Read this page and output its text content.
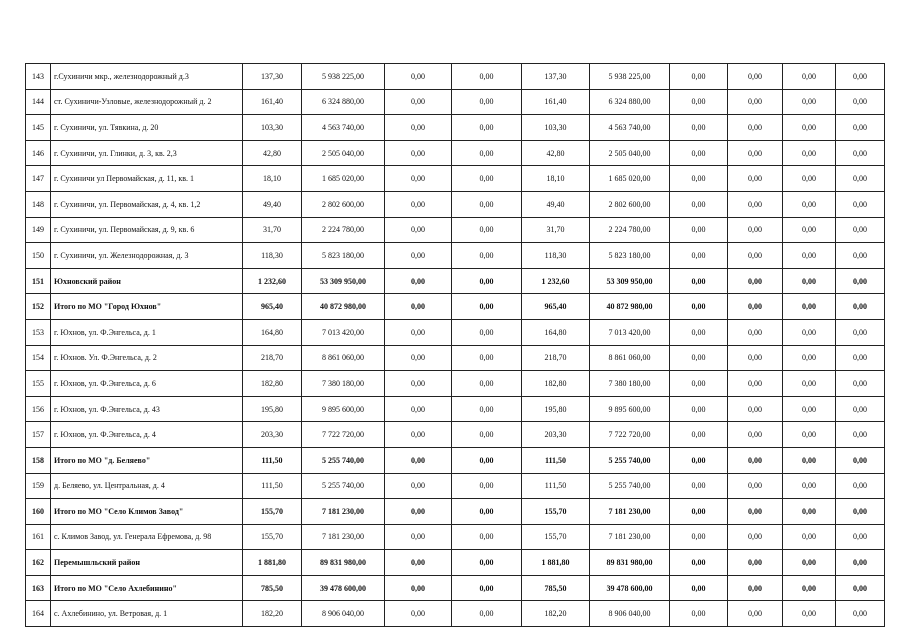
143	г.Сухиничи мкр., железнодорожный д.3	137,30	5 938 225,00	0,00	0,00	137,30	5 938 225,00	0,00	0,00	0,00	0,00
144	ст. Сухиничи-Узловые, железнодорожный д. 2	161,40	6 324 880,00	0,00	0,00	161,40	6 324 880,00	0,00	0,00	0,00	0,00
145	г. Сухиничи, ул. Тявкина, д. 20	103,30	4 563 740,00	0,00	0,00	103,30	4 563 740,00	0,00	0,00	0,00	0,00
146	г. Сухиничи, ул. Глинки, д. 3, кв. 2,3	42,80	2 505 040,00	0,00	0,00	42,80	2 505 040,00	0,00	0,00	0,00	0,00
147	г. Сухиничи ул Первомайская, д. 11, кв. 1	18,10	1 685 020,00	0,00	0,00	18,10	1 685 020,00	0,00	0,00	0,00	0,00
148	г. Сухиничи, ул. Первомайская, д. 4, кв. 1,2	49,40	2 802 600,00	0,00	0,00	49,40	2 802 600,00	0,00	0,00	0,00	0,00
149	г. Сухиничи, ул. Первомайская, д. 9, кв. 6	31,70	2 224 780,00	0,00	0,00	31,70	2 224 780,00	0,00	0,00	0,00	0,00
150	г. Сухиничи, ул. Железнодорожная, д. 3	118,30	5 823 180,00	0,00	0,00	118,30	5 823 180,00	0,00	0,00	0,00	0,00
151	Юхновский район	1 232,60	53 309 950,00	0,00	0,00	1 232,60	53 309 950,00	0,00	0,00	0,00	0,00
152	Итого по МО "Город Юхнов"	965,40	40 872 980,00	0,00	0,00	965,40	40 872 980,00	0,00	0,00	0,00	0,00
153	г. Юхнов, ул. Ф.Энгельса, д. 1	164,80	7 013 420,00	0,00	0,00	164,80	7 013 420,00	0,00	0,00	0,00	0,00
154	г. Юхнов. Ул. Ф.Энгельса, д. 2	218,70	8 861 060,00	0,00	0,00	218,70	8 861 060,00	0,00	0,00	0,00	0,00
155	г. Юхнов, ул. Ф.Энгельса, д. 6	182,80	7 380 180,00	0,00	0,00	182,80	7 380 180,00	0,00	0,00	0,00	0,00
156	г. Юхнов, ул. Ф.Энгельса, д. 43	195,80	9 895 600,00	0,00	0,00	195,80	9 895 600,00	0,00	0,00	0,00	0,00
157	г. Юхнов, ул. Ф.Энгельса, д. 4	203,30	7 722 720,00	0,00	0,00	203,30	7 722 720,00	0,00	0,00	0,00	0,00
158	Итого по МО "д. Беляево"	111,50	5 255 740,00	0,00	0,00	111,50	5 255 740,00	0,00	0,00	0,00	0,00
159	д. Беляево, ул. Центральная, д. 4	111,50	5 255 740,00	0,00	0,00	111,50	5 255 740,00	0,00	0,00	0,00	0,00
160	Итого по МО "Село Климов Завод"	155,70	7 181 230,00	0,00	0,00	155,70	7 181 230,00	0,00	0,00	0,00	0,00
161	с. Климов Завод, ул. Генерала Ефремова, д. 98	155,70	7 181 230,00	0,00	0,00	155,70	7 181 230,00	0,00	0,00	0,00	0,00
162	Перемышльский район	1 881,80	89 831 980,00	0,00	0,00	1 881,80	89 831 980,00	0,00	0,00	0,00	0,00
163	Итого по МО "Село Ахлебинино"	785,50	39 478 600,00	0,00	0,00	785,50	39 478 600,00	0,00	0,00	0,00	0,00
164	с. Ахлебинино, ул. Ветровая, д. 1	182,20	8 906 040,00	0,00	0,00	182,20	8 906 040,00	0,00	0,00	0,00	0,00
